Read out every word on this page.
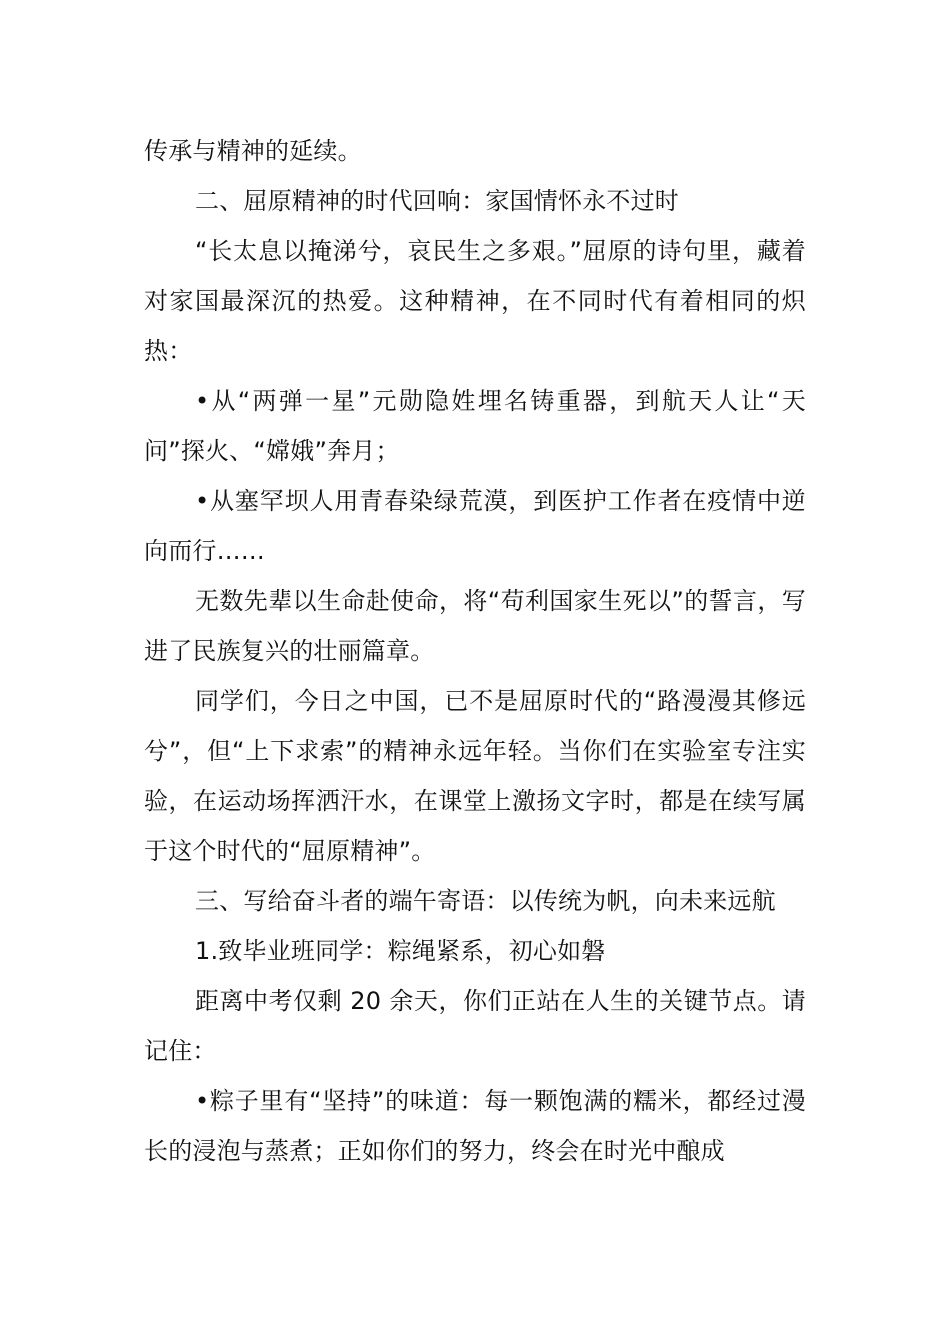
传承与精神的延续。

二、屈原精神的时代回响：家国情怀永不过时

“长太息以掩涕兮，哀民生之多艰。”屈原的诗句里，藏着对家国最深沉的热爱。这种精神，在不同时代有着相同的炽热：

•从“两弹一星”元勋隐姓埋名铸重器，到航天人让“天问”探火、“嫦娥”奔月；

•从塞罕坝人用青春染绿荒漠，到医护工作者在疫情中逆向而行……

无数先辈以生命赴使命，将“苟利国家生死以”的誓言，写进了民族复兴的壮丽篇章。

同学们，今日之中国，已不是屈原时代的“路漫漫其修远兮”，但“上下求索”的精神永远年轻。当你们在实验室专注实验，在运动场挥洒汗水，在课堂上激扬文字时，都是在续写属于这个时代的“屈原精神”。

三、写给奋斗者的端午寄语：以传统为帆，向未来远航

1.致毕业班同学：粽绳紧系，初心如磐

距离中考仅剩 20 余天，你们正站在人生的关键节点。请记住：

•粽子里有“坚持”的味道：每一颗饱满的糯米，都经过漫长的浸泡与蒸煮；正如你们的努力，终会在时光中酿成
